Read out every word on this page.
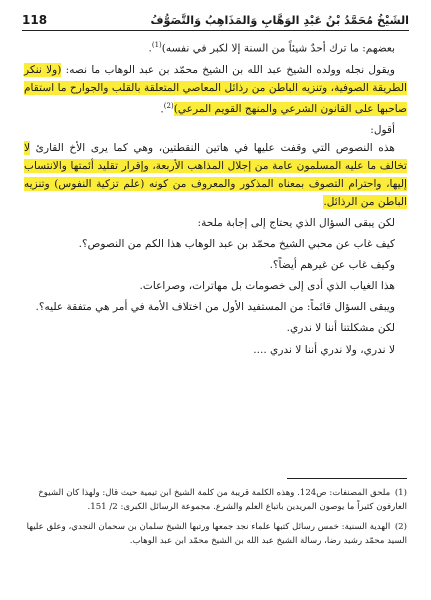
الشَيْخُ مُحَمَّدُ بْنُ عَبْدِ الوَهَّابِ وَالمَذَاهِبُ وَالتَّصَوُّفُ
118

بعضهم: ما ترك أحدٌ شيئاً من السنة إلا لكبر في نفسه)$^{(1)}$.

ويقول نجله وولده الشيخ عبد الله بن الشيخ محمّد بن عبد الوهاب ما نصه: (ولا ننكر الطريقة الصوفية، وتنزيه الباطن من رذائل المعاصي المتعلقة بالقلب والجوارح ما استقام صاحبها على القانون الشرعي والمنهج القويم المرعي)$^{(2)}$.

أقول:

هذه النصوص التي وقفت عليها في هاتين النقطتين، وهي كما يرى الأخ القارئ لا تخالف ما عليه المسلمون عامة من إجلال المذاهب الأربعة، وإقرار تقليد أئمتها والانتساب إليها، واحترام التصوف بمعناه المذكور والمعروف من كونه (علم تزكية النفوس) وتنزيه الباطن من الرذائل.

لكن يبقى السؤال الذي يحتاج إلى إجابة ملحة:

كيف غاب عن محبي الشيخ محمّد بن عبد الوهاب هذا الكم من النصوص؟.

وكيف غاب عن غيرهم أيضاً؟.

هذا الغياب الذي أدى إلى خصومات بل مهاترات، وصراعات.

ويبقى السؤال قائماً: من المستفيد الأول من اختلاف الأمة في أمر هي متفقة عليه؟.

لكن مشكلتنا أننا لا ندري.

لا ندري، ولا ندري أننا لا ندري ....

(1) ملحق المصنفات: ص124. وهذه الكلمة قريبة من كلمة الشيخ ابن تيمية حيث قال: ولهذا كان الشيوخ العارفون كثيراً ما يوصون المريدين باتباع العلم والشرع. مجموعة الرسائل الكبرى: 2/ 151.
(2) الهدية السنية: خمس رسائل كتبها علماء نجد جمعها ورتبها الشيخ سلمان بن سحمان النجدي، وعلق عليها السيد محمّد رشيد رضا، رسالة الشيخ عبد الله بن الشيخ محمّد ابن عبد الوهاب.
